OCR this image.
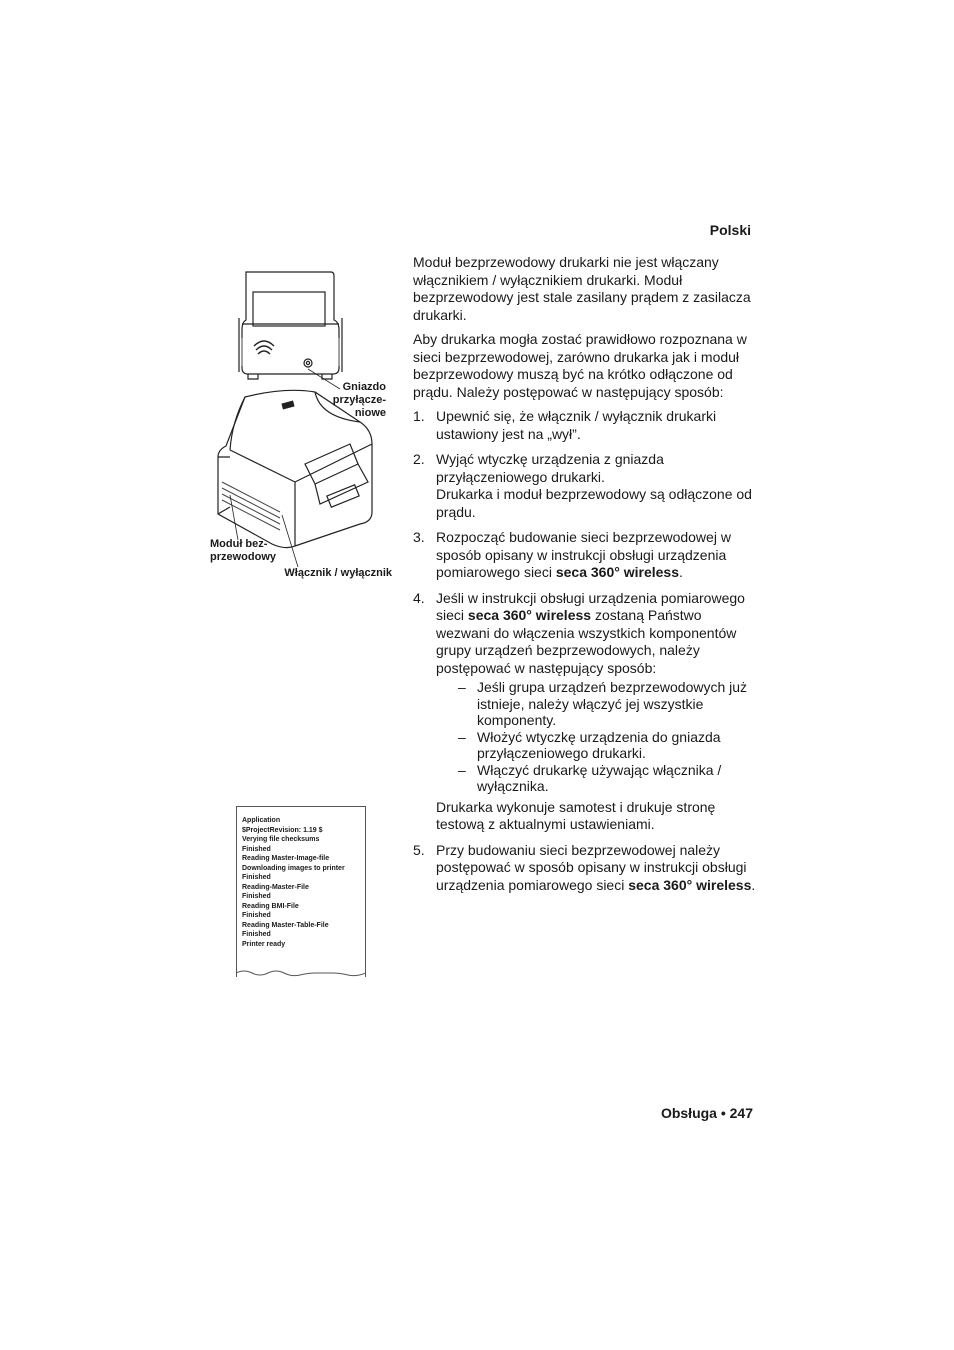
Polski
Gniazdo przyłącze- niowe
Moduł bez- przewodowy
Włącznik / wyłącznik
Application
$ProjectRevision: 1.19 $
Verying file checksums
Finished
Reading Master-Image-file
Downloading images to printer
Finished
Reading-Master-File
Finished
Reading BMI-File
Finished
Reading Master-Table-File
Finished
Printer ready

Moduł bezprzewodowy drukarki nie jest włączany włącznikiem / wyłącznikiem drukarki. Moduł bezprzewodowy jest stale zasilany prądem z zasilacza drukarki.

Aby drukarka mogła zostać prawidłowo rozpoznana w sieci bezprzewodowej, zarówno drukarka jak i moduł bezprzewodowy muszą być na krótko odłączone od prądu. Należy postępować w następujący sposób:

1. Upewnić się, że włącznik / wyłącznik drukarki ustawiony jest na „wył”.

2. Wyjąć wtyczkę urządzenia z gniazda przyłączeniowego drukarki.

Drukarka i moduł bezprzewodowy są odłączone od prądu.

3. Rozpocząć budowanie sieci bezprzewodowej w sposób opisany w instrukcji obsługi urządzenia pomiarowego sieci seca 360° wireless.

4. Jeśli w instrukcji obsługi urządzenia pomiarowego sieci seca 360° wireless zostaną Państwo wezwani do włączenia wszystkich komponentów grupy urządzeń bezprzewodowych, należy postępować w następujący sposób:

– Jeśli grupa urządzeń bezprzewodowych już istnieje, należy włączyć jej wszystkie komponenty.
– Włożyć wtyczkę urządzenia do gniazda przyłączeniowego drukarki.
– Włączyć drukarkę używając włącznika / wyłącznika.

Drukarka wykonuje samotest i drukuje stronę testową z aktualnymi ustawieniami.

5. Przy budowaniu sieci bezprzewodowej należy postępować w sposób opisany w instrukcji obsługi urządzenia pomiarowego sieci seca 360° wireless.

Obsługa • 247
